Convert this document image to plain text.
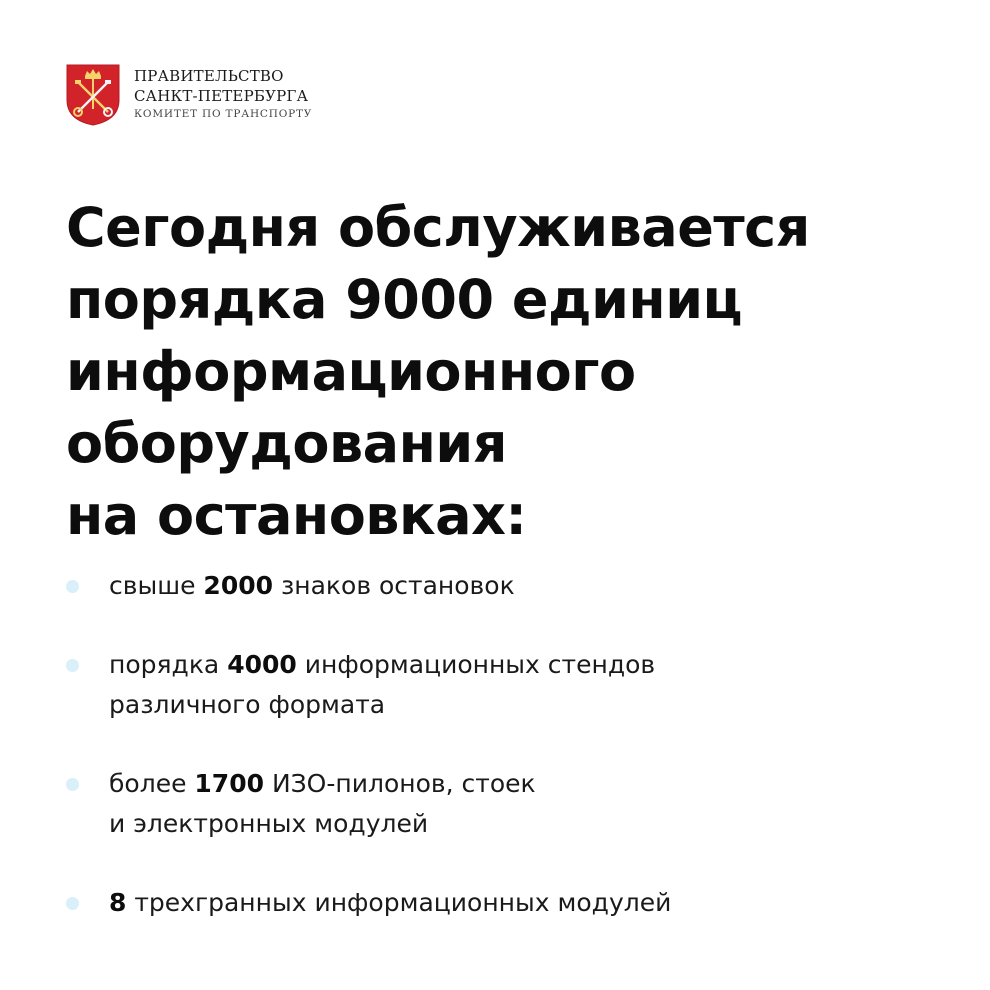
ПРАВИТЕЛЬСТВО
САНКТ-ПЕТЕРБУРГА
КОМИТЕТ ПО ТРАНСПОРТУ
Сегодня обслуживается
порядка 9000 единиц
информационного
оборудования
на остановках:
свыше 2000 знаков остановок
порядка 4000 информационных стендов
различного формата
более 1700 ИЗО-пилонов, стоек
и электронных модулей
8 трехгранных информационных модулей
